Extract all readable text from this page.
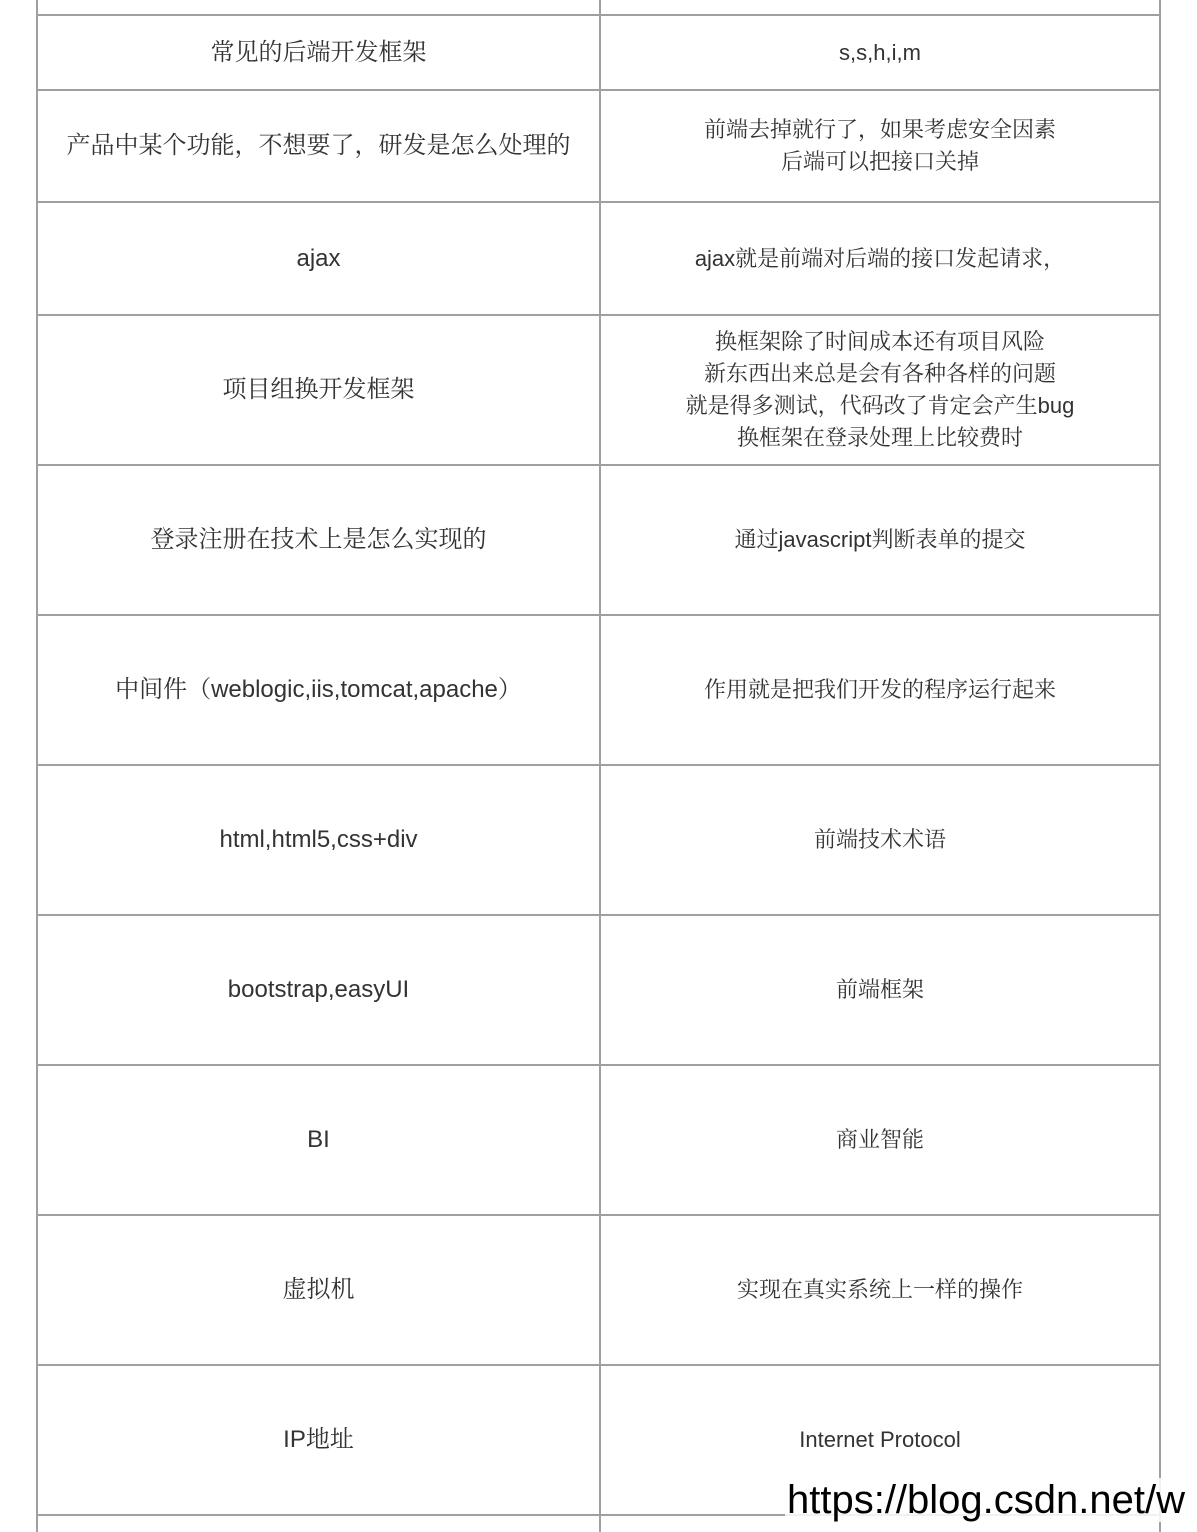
常见的后端开发框架	s,s,h,i,m

产品中某个功能，不想要了，研发是怎么处理的	前端去掉就行了，如果考虑安全因素
后端可以把接口关掉

ajax	ajax就是前端对后端的接口发起请求，

项目组换开发框架	换框架除了时间成本还有项目风险
新东西出来总是会有各种各样的问题
就是得多测试，代码改了肯定会产生bug
换框架在登录处理上比较费时

登录注册在技术上是怎么实现的	通过javascript判断表单的提交

中间件（weblogic,iis,tomcat,apache）	作用就是把我们开发的程序运行起来

html,html5,css+div	前端技术术语

bootstrap,easyUI	前端框架

BI	商业智能

虚拟机	实现在真实系统上一样的操作

IP地址	Internet Protocol

https://blog.csdn.net/w
